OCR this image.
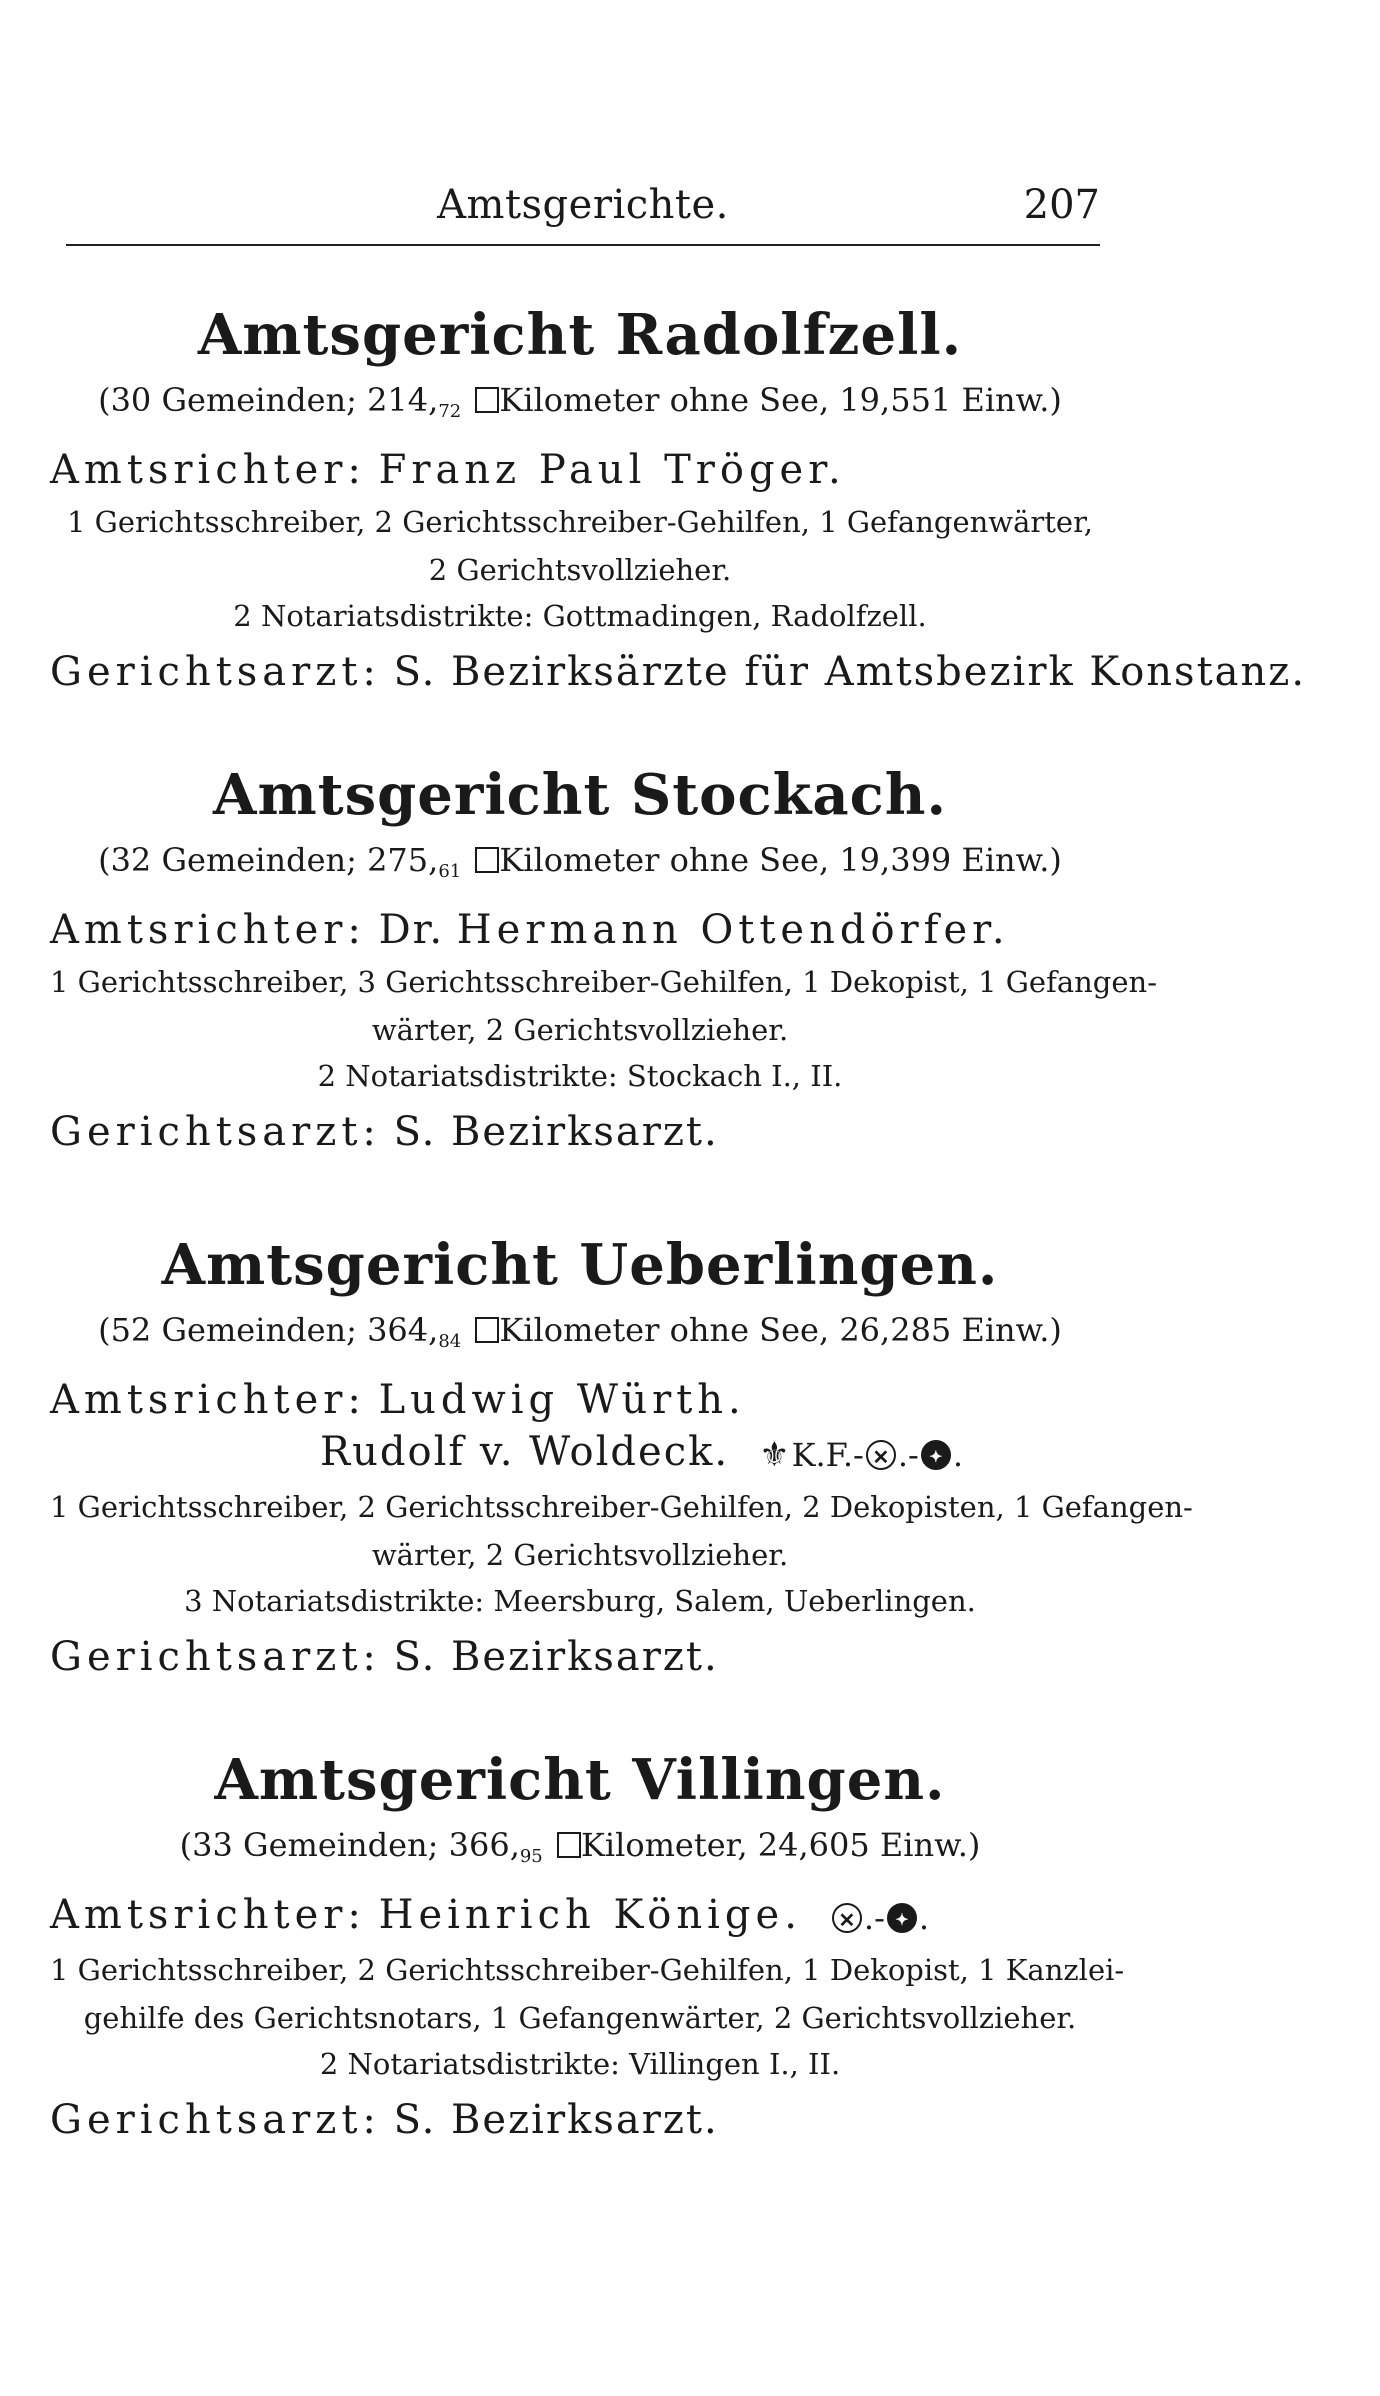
Amtsgerichte.	207
Amtsgericht Radolfzell.

(30 Gemeinden; $214,_{72}$ Kilometer ohne See, 19,551 Einw.)

Amtsrichter: Franz Paul Tröger.

1 Gerichtsschreiber, 2 Gerichtsschreiber-Gehilfen, 1 Gefangenwärter,

2 Gerichtsvollzieher.

2 Notariatsdistrikte: Gottmadingen, Radolfzell.

Gerichtsarzt: S. Bezirksärzte für Amtsbezirk Konstanz.

Amtsgericht Stockach.

(32 Gemeinden; $275,_{61}$ Kilometer ohne See, 19,399 Einw.)

Amtsrichter: Dr. Hermann Ottendörfer.

1 Gerichtsschreiber, 3 Gerichtsschreiber-Gehilfen, 1 Dekopist, 1 Gefangen-

wärter, 2 Gerichtsvollzieher.

2 Notariatsdistrikte: Stockach I., II.

Gerichtsarzt: S. Bezirksarzt.

Amtsgericht Ueberlingen.

(52 Gemeinden; $364,_{84}$ Kilometer ohne See, 26,285 Einw.)

Amtsrichter: Ludwig Würth.

Rudolf v. Woldeck. ⚜ K.F.- ✕ .- ✦ .

1 Gerichtsschreiber, 2 Gerichtsschreiber-Gehilfen, 2 Dekopisten, 1 Gefangen-

wärter, 2 Gerichtsvollzieher.

3 Notariatsdistrikte: Meersburg, Salem, Ueberlingen.

Gerichtsarzt: S. Bezirksarzt.

Amtsgericht Villingen.

(33 Gemeinden; $366,_{95}$ Kilometer, 24,605 Einw.)

Amtsrichter: Heinrich Könige.	✕ .- ✦ .

1 Gerichtsschreiber, 2 Gerichtsschreiber-Gehilfen, 1 Dekopist, 1 Kanzlei-

gehilfe des Gerichtsnotars, 1 Gefangenwärter, 2 Gerichtsvollzieher.

2 Notariatsdistrikte: Villingen I., II.

Gerichtsarzt: S. Bezirksarzt.
